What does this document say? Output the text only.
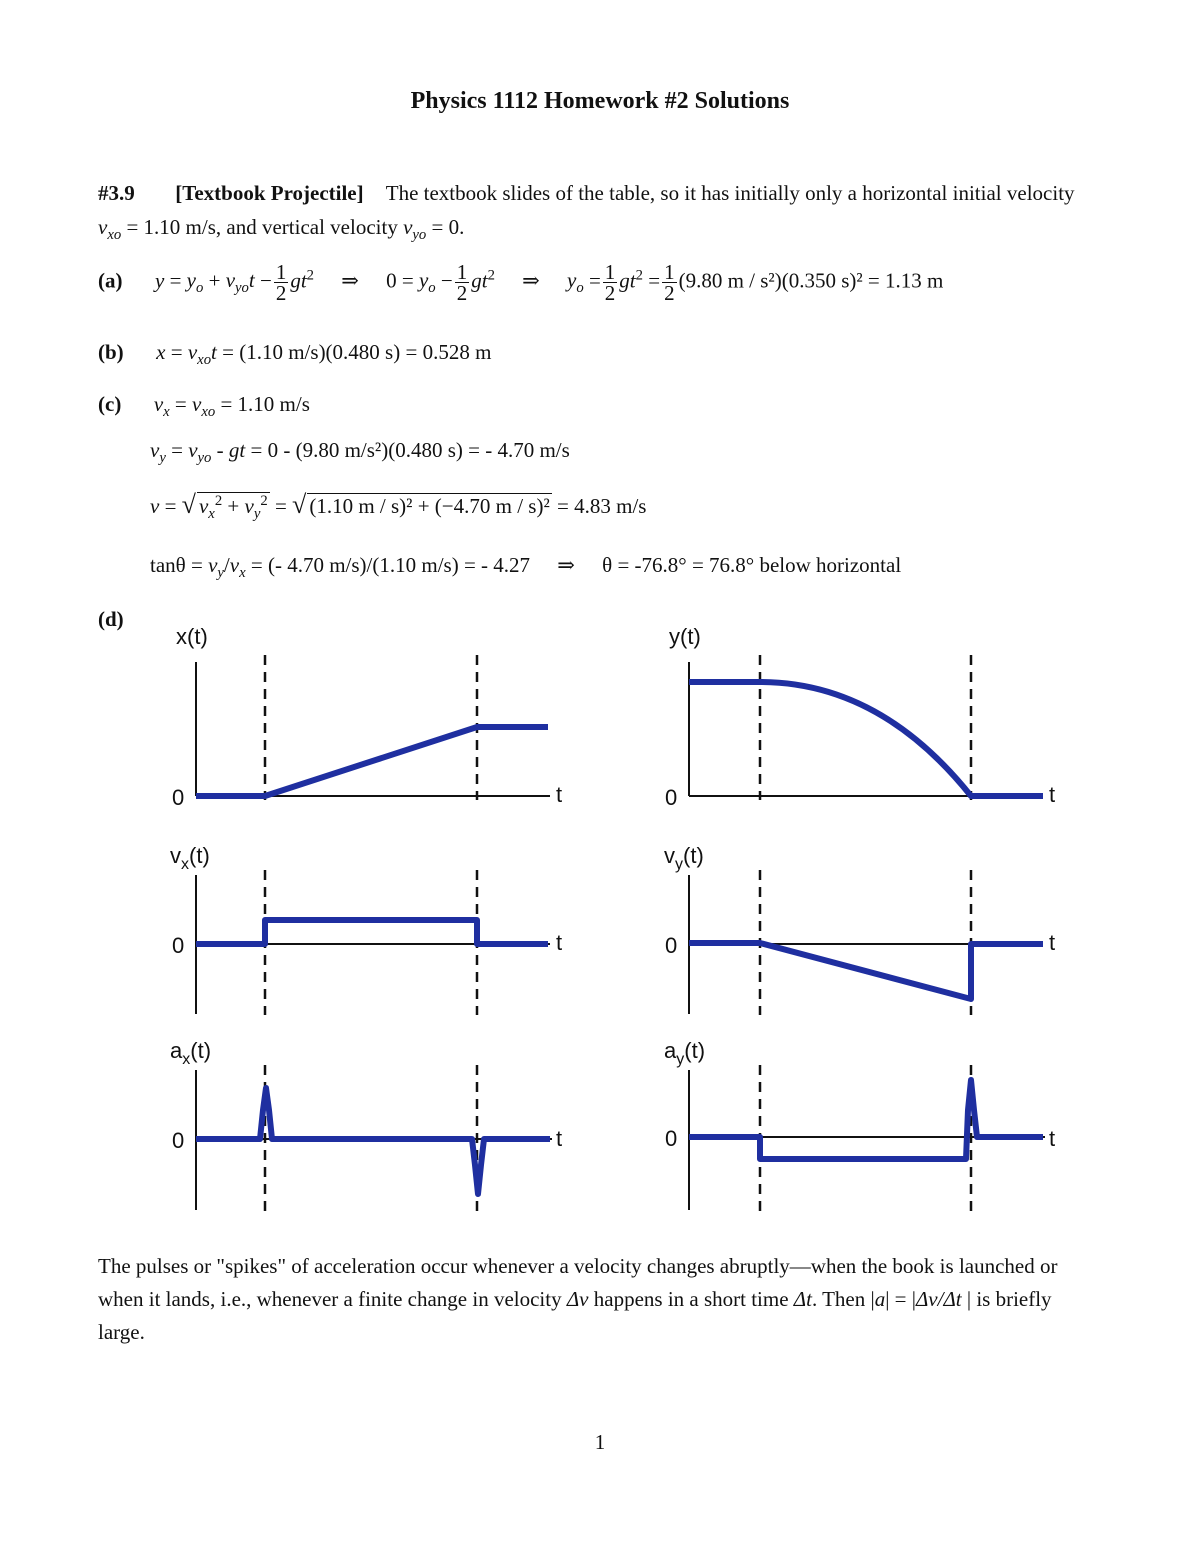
Physics 1112 Homework #2 Solutions
#3.9 [Textbook Projectile] The textbook slides of the table, so it has initially only a horizontal initial velocity $v_{xo} = 1.10$ m/s, and vertical velocity $v_{yo} = 0$.
(a) $y = y_o + v_{yo}t - \frac{1}{2} gt^2$ ⇒ $0 = y_o - \frac{1}{2} gt^2$ ⇒ $y_o = \frac{1}{2} gt^2 = \frac{1}{2} (9.80$ m / s²)(0.350 s)² = 1.13 m
(b) $x = v_{xo}t = (1.10$ m/s)(0.480 s) = 0.528 m
(c) $v_x = v_{xo} = 1.10$ m/s
$v_y = v_{yo}$ - gt = 0 - (9.80 m/s²)(0.480 s) = - 4.70 m/s
v = √ $v_x^2 + v_y^2$ = √ (1.10 m / s)² + (−4.70 m / s)² = 4.83 m/s
$\tan\theta = v_y/v_x$ = (- 4.70 m/s)/(1.10 m/s) = - 4.27 ⇒ θ = -76.8° = 76.8° below horizontal
(d)
x(t)
0	t
y(t)
0	t
$v_x(t)$
0	t
$v_y(t)$
0	t
$a_x(t)$
0	t
$a_y(t)$
0	t
The pulses or "spikes" of acceleration occur whenever a velocity changes abruptly—when the book is launched or when it lands, i.e., whenever a finite change in velocity Δv happens in a short time Δt. Then |a| = |Δv/Δt | is briefly large.
1
